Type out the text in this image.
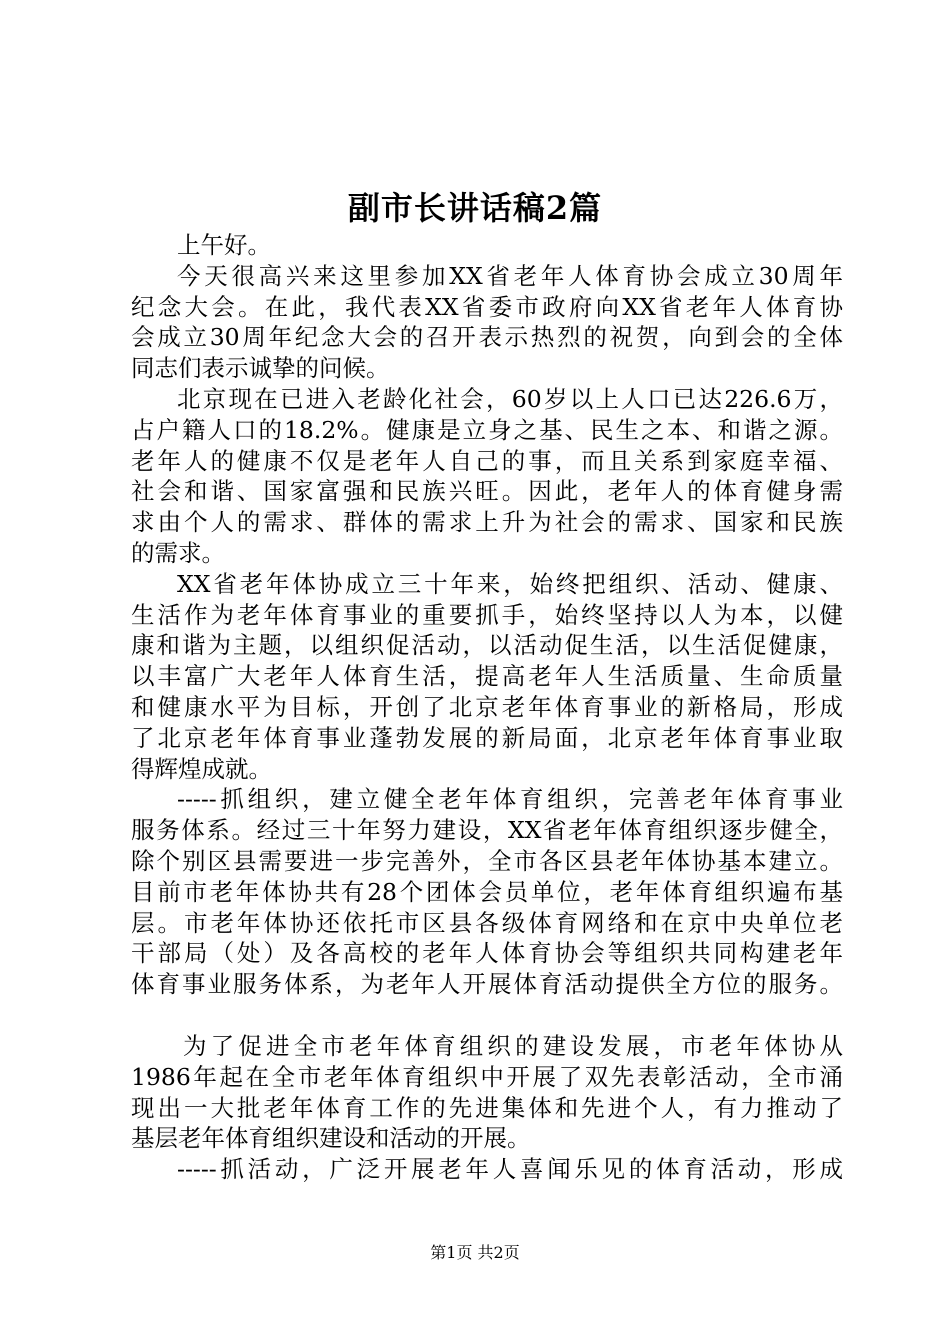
副市长讲话稿2篇
上午好。
今天很高兴来这里参加XX省老年人体育协会成立30周年
纪念大会。在此，我代表XX省委市政府向XX省老年人体育协
会成立30周年纪念大会的召开表示热烈的祝贺，向到会的全体
同志们表示诚挚的问候。
北京现在已进入老龄化社会，60岁以上人口已达226.6万，
占户籍人口的18.2%。健康是立身之基、民生之本、和谐之源。
老年人的健康不仅是老年人自己的事，而且关系到家庭幸福、
社会和谐、国家富强和民族兴旺。因此，老年人的体育健身需
求由个人的需求、群体的需求上升为社会的需求、国家和民族
的需求。
XX省老年体协成立三十年来，始终把组织、活动、健康、
生活作为老年体育事业的重要抓手，始终坚持以人为本，以健
康和谐为主题，以组织促活动，以活动促生活，以生活促健康，
以丰富广大老年人体育生活，提高老年人生活质量、生命质量
和健康水平为目标，开创了北京老年体育事业的新格局，形成
了北京老年体育事业蓬勃发展的新局面，北京老年体育事业取
得辉煌成就。
-----抓组织，建立健全老年体育组织，完善老年体育事业
服务体系。经过三十年努力建设，XX省老年体育组织逐步健全，
除个别区县需要进一步完善外，全市各区县老年体协基本建立。
目前市老年体协共有28个团体会员单位，老年体育组织遍布基
层。市老年体协还依托市区县各级体育网络和在京中央单位老
干部局（处）及各高校的老年人体育协会等组织共同构建老年
体育事业服务体系，为老年人开展体育活动提供全方位的服务。
为了促进全市老年体育组织的建设发展，市老年体协从
1986年起在全市老年体育组织中开展了双先表彰活动，全市涌
现出一大批老年体育工作的先进集体和先进个人，有力推动了
基层老年体育组织建设和活动的开展。
-----抓活动，广泛开展老年人喜闻乐见的体育活动，形成
第1页 共2页
